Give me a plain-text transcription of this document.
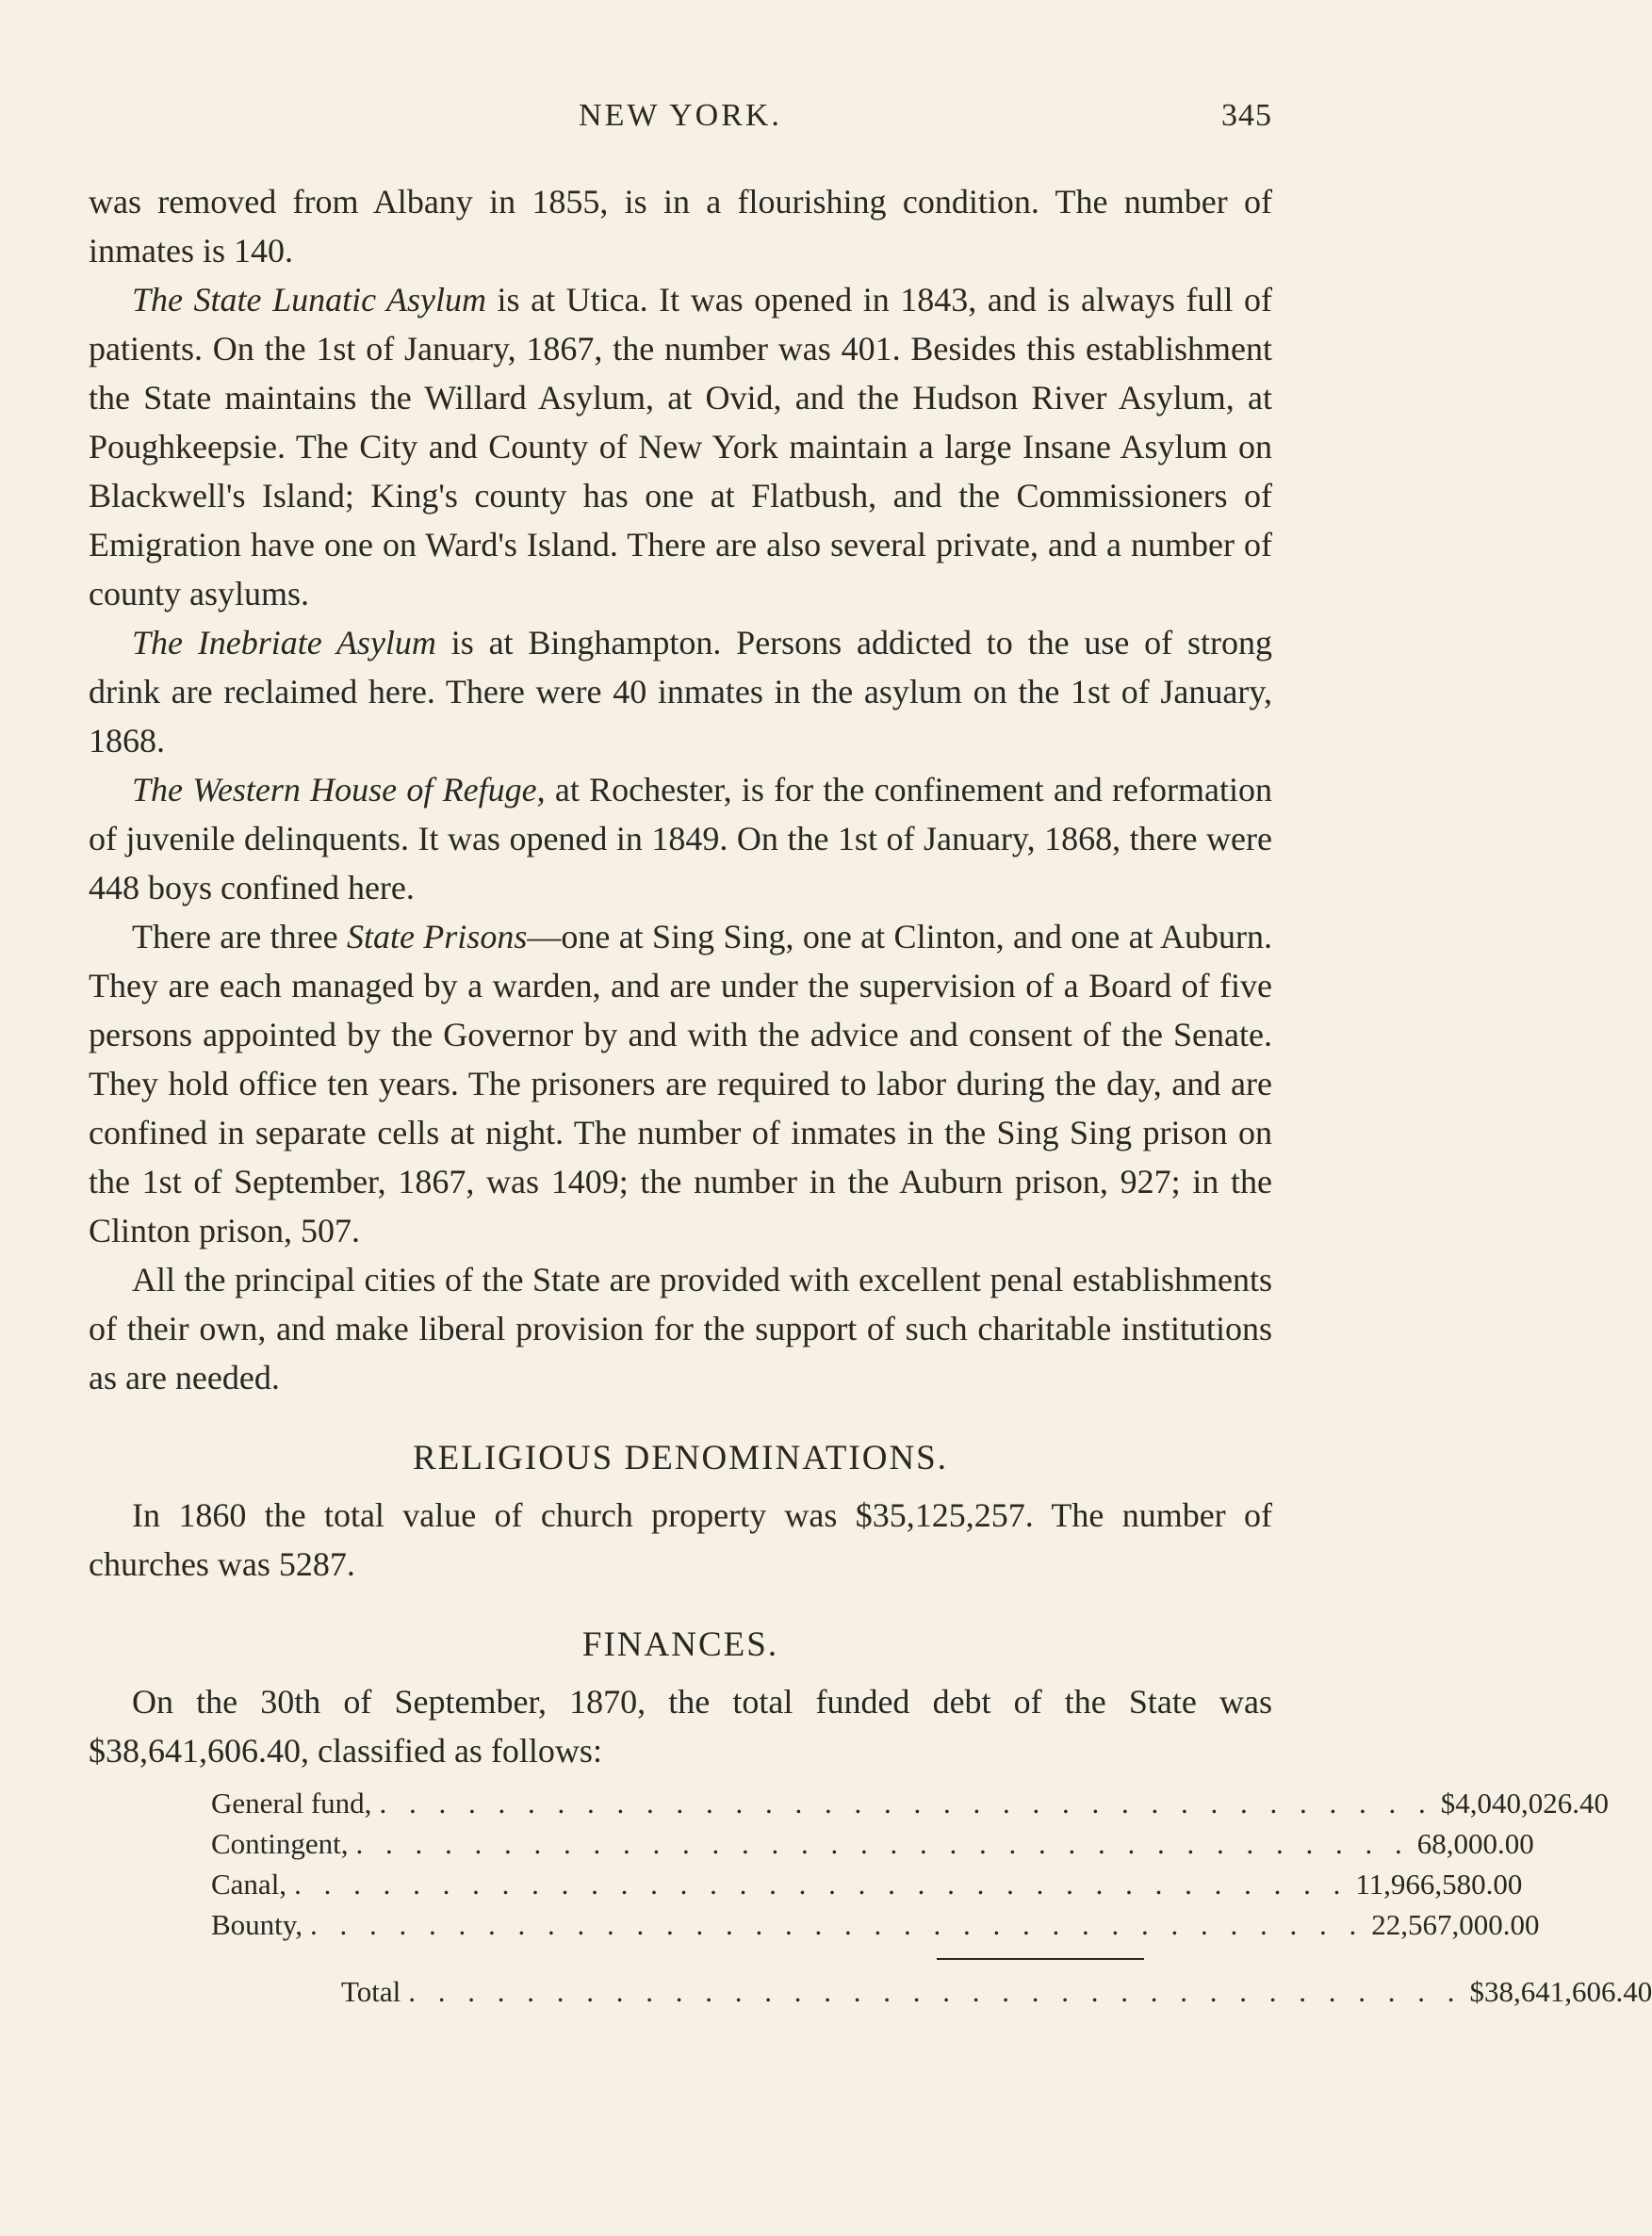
NEW YORK.	345

was removed from Albany in 1855, is in a flourishing condition. The number of inmates is 140.

The State Lunatic Asylum is at Utica. It was opened in 1843, and is always full of patients. On the 1st of January, 1867, the number was 401. Besides this establishment the State maintains the Willard Asylum, at Ovid, and the Hudson River Asylum, at Poughkeepsie. The City and County of New York maintain a large Insane Asylum on Blackwell's Island; King's county has one at Flatbush, and the Commissioners of Emigration have one on Ward's Island. There are also several private, and a number of county asylums.

The Inebriate Asylum is at Binghampton. Persons addicted to the use of strong drink are reclaimed here. There were 40 inmates in the asylum on the 1st of January, 1868.

The Western House of Refuge, at Rochester, is for the confinement and reformation of juvenile delinquents. It was opened in 1849. On the 1st of January, 1868, there were 448 boys confined here.

There are three State Prisons—one at Sing Sing, one at Clinton, and one at Auburn. They are each managed by a warden, and are under the supervision of a Board of five persons appointed by the Governor by and with the advice and consent of the Senate. They hold office ten years. The prisoners are required to labor during the day, and are confined in separate cells at night. The number of inmates in the Sing Sing prison on the 1st of September, 1867, was 1409; the number in the Auburn prison, 927; in the Clinton prison, 507.

All the principal cities of the State are provided with excellent penal establishments of their own, and make liberal provision for the support of such charitable institutions as are needed.

RELIGIOUS DENOMINATIONS.

In 1860 the total value of church property was $35,125,257. The number of churches was 5287.

FINANCES.

On the 30th of September, 1870, the total funded debt of the State was $38,641,606.40, classified as follows:

General fund, . . . . . . . . . . . . . . . . . . . . . . . . . . . . . . . . . . . . $4,040,026.40
Contingent, . . . . . . . . . . . . . . . . . . . . . . . . . . . . . . . . . . . . 68,000.00
Canal, . . . . . . . . . . . . . . . . . . . . . . . . . . . . . . . . . . . . 11,966,580.00
Bounty, . . . . . . . . . . . . . . . . . . . . . . . . . . . . . . . . . . . . 22,567,000.00
Total . . . . . . . . . . . . . . . . . . . . . . . . . . . . . . . . . . . . $38,641,606.40
